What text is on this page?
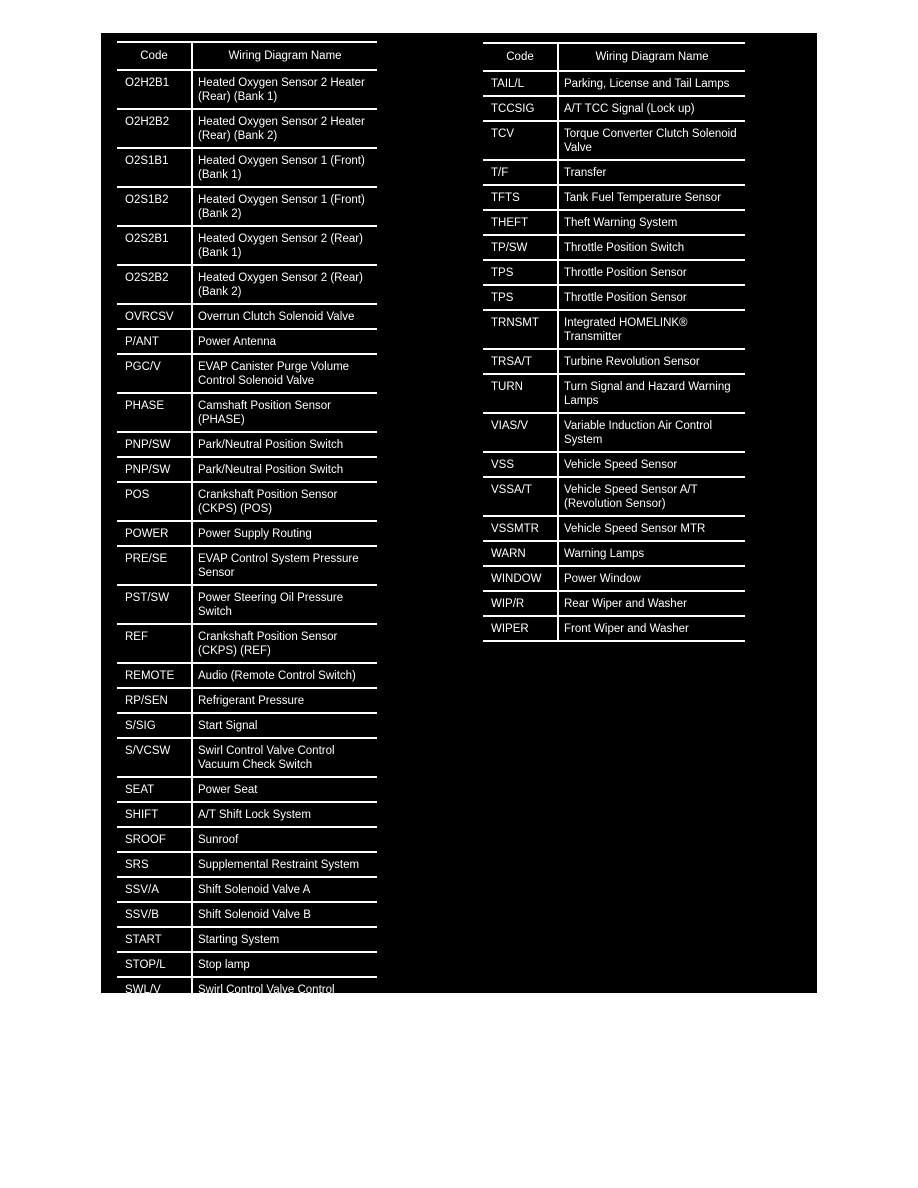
Code	Wiring Diagram Name
O2H2B1	Heated Oxygen Sensor 2 Heater (Rear) (Bank 1)
O2H2B2	Heated Oxygen Sensor 2 Heater (Rear) (Bank 2)
O2S1B1	Heated Oxygen Sensor 1 (Front) (Bank 1)
O2S1B2	Heated Oxygen Sensor 1 (Front) (Bank 2)
O2S2B1	Heated Oxygen Sensor 2 (Rear) (Bank 1)
O2S2B2	Heated Oxygen Sensor 2 (Rear) (Bank 2)
OVRCSV	Overrun Clutch Solenoid Valve
P/ANT	Power Antenna
PGC/V	EVAP Canister Purge Volume Control Solenoid Valve
PHASE	Camshaft Position Sensor (PHASE)
PNP/SW	Park/Neutral Position Switch
PNP/SW	Park/Neutral Position Switch
POS	Crankshaft Position Sensor (CKPS) (POS)
POWER	Power Supply Routing
PRE/SE	EVAP Control System Pressure Sensor
PST/SW	Power Steering Oil Pressure Switch
REF	Crankshaft Position Sensor (CKPS) (REF)
REMOTE	Audio (Remote Control Switch)
RP/SEN	Refrigerant Pressure
S/SIG	Start Signal
S/VCSW	Swirl Control Valve Control Vacuum Check Switch
SEAT	Power Seat
SHIFT	A/T Shift Lock System
SROOF	Sunroof
SRS	Supplemental Restraint System
SSV/A	Shift Solenoid Valve A
SSV/B	Shift Solenoid Valve B
START	Starting System
STOP/L	Stop lamp
SWL/V	Swirl Control Valve Control Solenoid Valve
Code	Wiring Diagram Name
TAIL/L	Parking, License and Tail Lamps
TCCSIG	A/T TCC Signal (Lock up)
TCV	Torque Converter Clutch Solenoid Valve
T/F	Transfer
TFTS	Tank Fuel Temperature Sensor
THEFT	Theft Warning System
TP/SW	Throttle Position Switch
TPS	Throttle Position Sensor
TPS	Throttle Position Sensor
TRNSMT	Integrated HOMELINK® Transmitter
TRSA/T	Turbine Revolution Sensor
TURN	Turn Signal and Hazard Warning Lamps
VIAS/V	Variable Induction Air Control System
VSS	Vehicle Speed Sensor
VSSA/T	Vehicle Speed Sensor A/T (Revolution Sensor)
VSSMTR	Vehicle Speed Sensor MTR
WARN	Warning Lamps
WINDOW	Power Window
WIP/R	Rear Wiper and Washer
WIPER	Front Wiper and Washer
